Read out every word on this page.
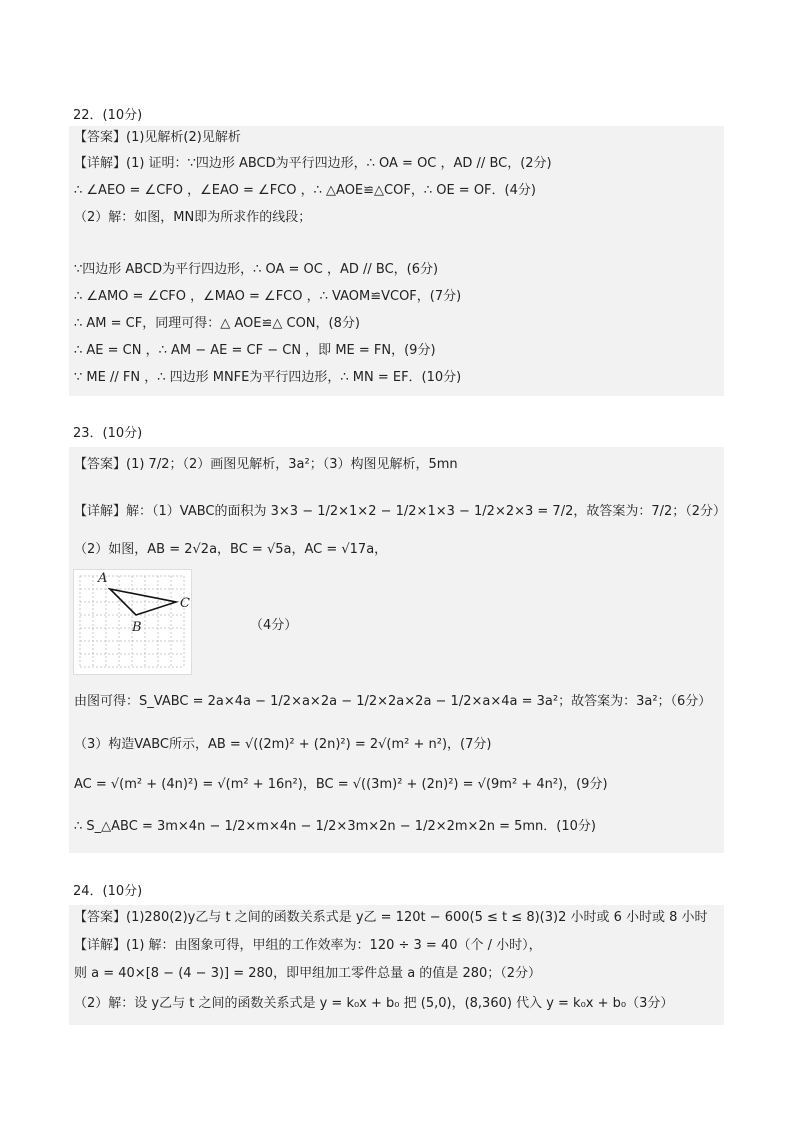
22．(10分)
【答案】(1)见解析(2)见解析
【详解】(1) 证明：∵四边形 ABCD为平行四边形，∴ OA = OC ，AD // BC，(2分)
∴ ∠AEO = ∠CFO ，∠EAO = ∠FCO ，∴ △AOE≌△COF，∴ OE = OF．(4分)
（2）解：如图，MN即为所求作的线段；
∵四边形 ABCD为平行四边形，∴ OA = OC ，AD // BC，(6分)
∴ ∠AMO = ∠CFO ，∠MAO = ∠FCO ，∴ VAOM≌VCOF，(7分)
∴ AM = CF，同理可得：△ AOE≌△ CON，(8分)
∴ AE = CN ，∴ AM − AE = CF − CN ，即 ME = FN，(9分)
∵ ME // FN ，∴ 四边形 MNFE为平行四边形，∴ MN = EF．(10分)
23．(10分)
【答案】(1) 7/2；（2）画图见解析，3a²；（3）构图见解析，5mn
【详解】解：（1）VABC的面积为 3×3 − 1/2×1×2 − 1/2×1×3 − 1/2×2×3 = 7/2，故答案为：7/2；（2分）
（2）如图，AB = 2√2a，BC = √5a，AC = √17a，
A
B
C
（4分）
由图可得：S_VABC = 2a×4a − 1/2×a×2a − 1/2×2a×2a − 1/2×a×4a = 3a²；故答案为：3a²；（6分）
（3）构造VABC所示，AB = √((2m)² + (2n)²) = 2√(m² + n²)，(7分)
AC = √(m² + (4n)²) = √(m² + 16n²)，BC = √((3m)² + (2n)²) = √(9m² + 4n²)，(9分)
∴ S_△ABC = 3m×4n − 1/2×m×4n − 1/2×3m×2n − 1/2×2m×2n = 5mn．(10分)
24．(10分)
【答案】(1)280(2)y乙与 t 之间的函数关系式是 y乙 = 120t − 600(5 ≤ t ≤ 8)(3)2 小时或 6 小时或 8 小时
【详解】(1) 解：由图象可得，甲组的工作效率为：120 ÷ 3 = 40（个 / 小时），
则 a = 40×[8 − (4 − 3)] = 280，即甲组加工零件总量 a 的值是 280；（2分）
（2）解：设 y乙与 t 之间的函数关系式是 y = k₀x + b₀ 把 (5,0)，(8,360) 代入 y = k₀x + b₀（3分）
